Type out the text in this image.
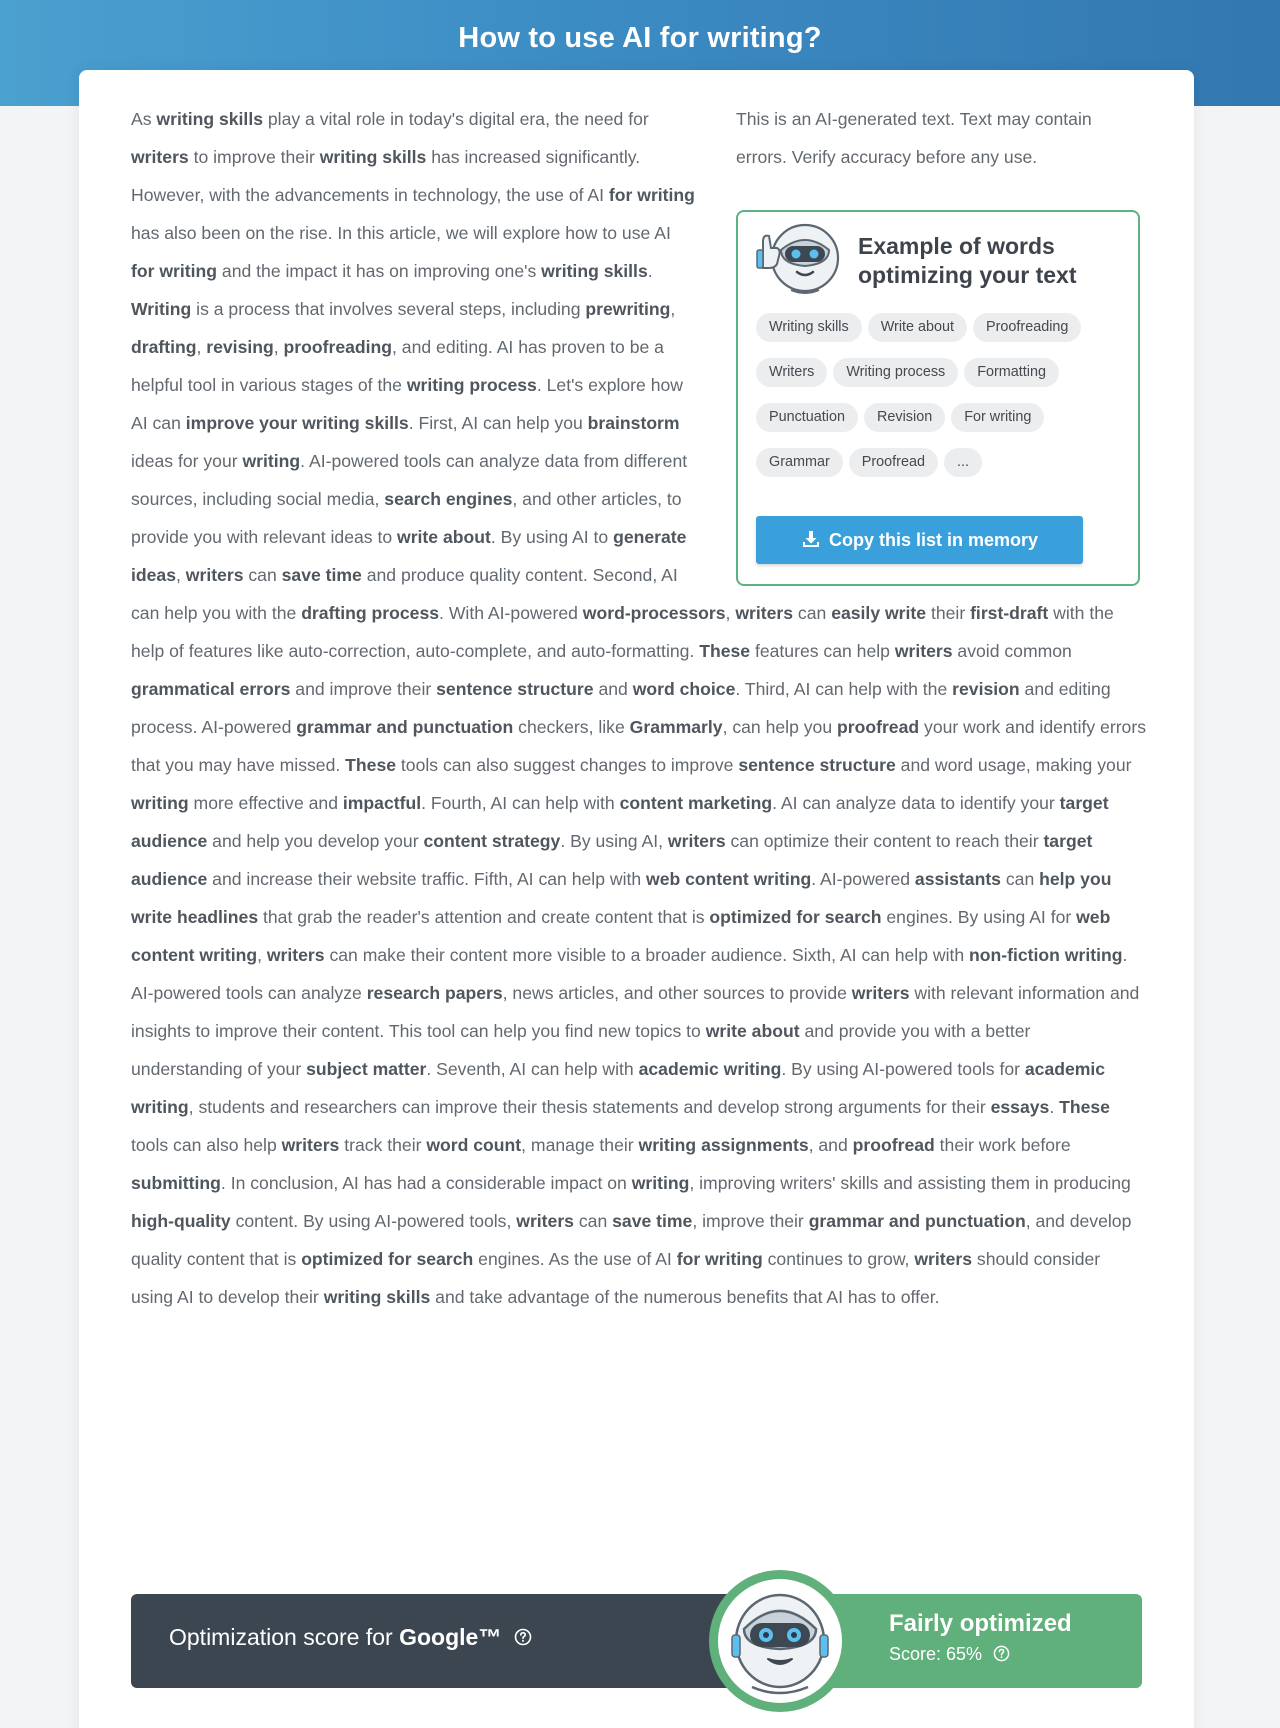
How to use AI for writing?

This is an AI-generated text. Text may contain errors. Verify accuracy before any use.

Example of words optimizing your text
Writing skills Write about ProofreadingWriters Writing process FormattingPunctuation Revision For writingGrammar Proofread ...
Copy this list in memory

As writing skills play a vital role in today's digital era, the need for writers to improve their writing skills has increased significantly. However, with the advancements in technology, the use of AI for writing has also been on the rise. In this article, we will explore how to use AI for writing and the impact it has on improving one's writing skills. Writing is a process that involves several steps, including prewriting, drafting, revising, proofreading, and editing. AI has proven to be a helpful tool in various stages of the writing process. Let's explore how AI can improve your writing skills. First, AI can help you brainstorm ideas for your writing. AI-powered tools can analyze data from different sources, including social media, search engines, and other articles, to provide you with relevant ideas to write about. By using AI to generate ideas, writers can save time and produce quality content. Second, AI can help you with the drafting process. With AI-powered word-processors, writers can easily write their first-draft with the help of features like auto-correction, auto-complete, and auto-formatting. These features can help writers avoid common grammatical errors and improve their sentence structure and word choice. Third, AI can help with the revision and editing process. AI-powered grammar and punctuation checkers, like Grammarly, can help you proofread your work and identify errors that you may have missed. These tools can also suggest changes to improve sentence structure and word usage, making your writing more effective and impactful. Fourth, AI can help with content marketing. AI can analyze data to identify your target audience and help you develop your content strategy. By using AI, writers can optimize their content to reach their target audience and increase their website traffic. Fifth, AI can help with web content writing. AI-powered assistants can help you write headlines that grab the reader's attention and create content that is optimized for search engines. By using AI for web content writing, writers can make their content more visible to a broader audience. Sixth, AI can help with non-fiction writing. AI-powered tools can analyze research papers, news articles, and other sources to provide writers with relevant information and insights to improve their content. This tool can help you find new topics to write about and provide you with a better understanding of your subject matter. Seventh, AI can help with academic writing. By using AI-powered tools for academic writing, students and researchers can improve their thesis statements and develop strong arguments for their essays. These tools can also help writers track their word count, manage their writing assignments, and proofread their work before submitting. In conclusion, AI has had a considerable impact on writing, improving writers' skills and assisting them in producing high-quality content. By using AI-powered tools, writers can save time, improve their grammar and punctuation, and develop quality content that is optimized for search engines. As the use of AI for writing continues to grow, writers should consider using AI to develop their writing skills and take advantage of the numerous benefits that AI has to offer.

Optimization score for Google™	Fairly optimized
Score: 65%
